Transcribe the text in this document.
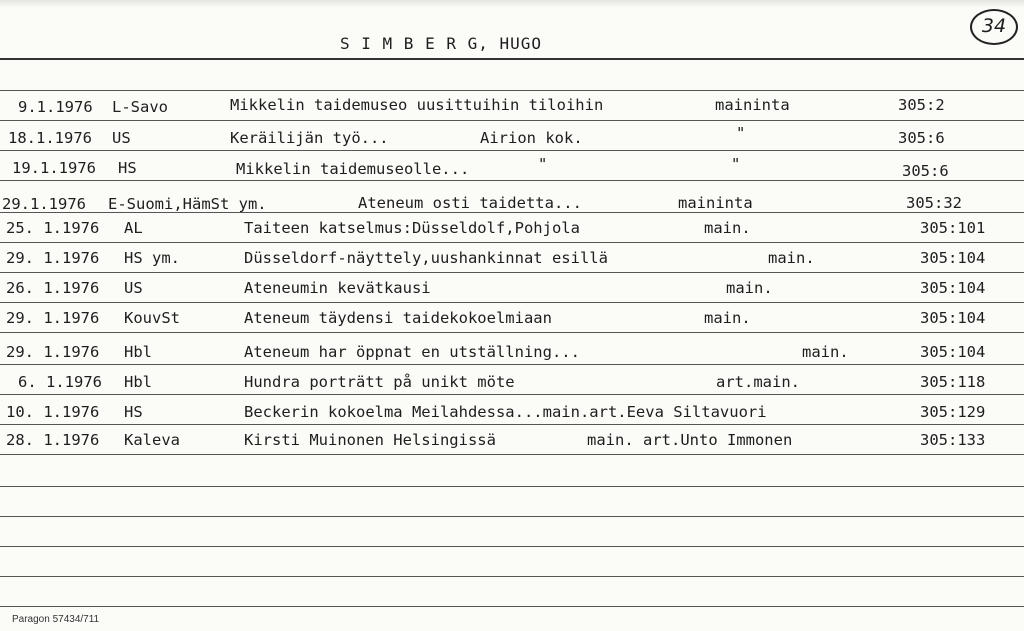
S I M B E R G, HUGO
34
9.1.1976 L-Savo	Mikkelin taidemuseo uusittuihin tiloihin	maininta	305:2
18.1.1976 US	Keräilijän työ...	Airion kok.	"	305:6
19.1.1976 HS	Mikkelin taidemuseolle...	"	"	305:6
29.1.1976 E-Suomi,HämSt ym.	Ateneum osti taidetta...	maininta	305:32
25. 1.1976 AL	Taiteen katselmus:Düsseldolf,Pohjola	main.	305:101
29. 1.1976 HS ym.	Düsseldorf-näyttely,uushankinnat esillä	main.	305:104
26. 1.1976 US	Ateneumin kevätkausi	main.	305:104
29. 1.1976 KouvSt	Ateneum täydensi taidekokoelmiaan	main.	305:104
29. 1.1976 Hbl	Ateneum har öppnat en utställning...	main.	305:104
6. 1.1976 Hbl	Hundra porträtt på unikt möte	art.main.	305:118
10. 1.1976 HS	Beckerin kokoelma Meilahdessa...main.art.Eeva Siltavuori	305:129
28. 1.1976 Kaleva	Kirsti Muinonen Helsingissä	main. art.Unto Immonen	305:133
Paragon 57434/711
